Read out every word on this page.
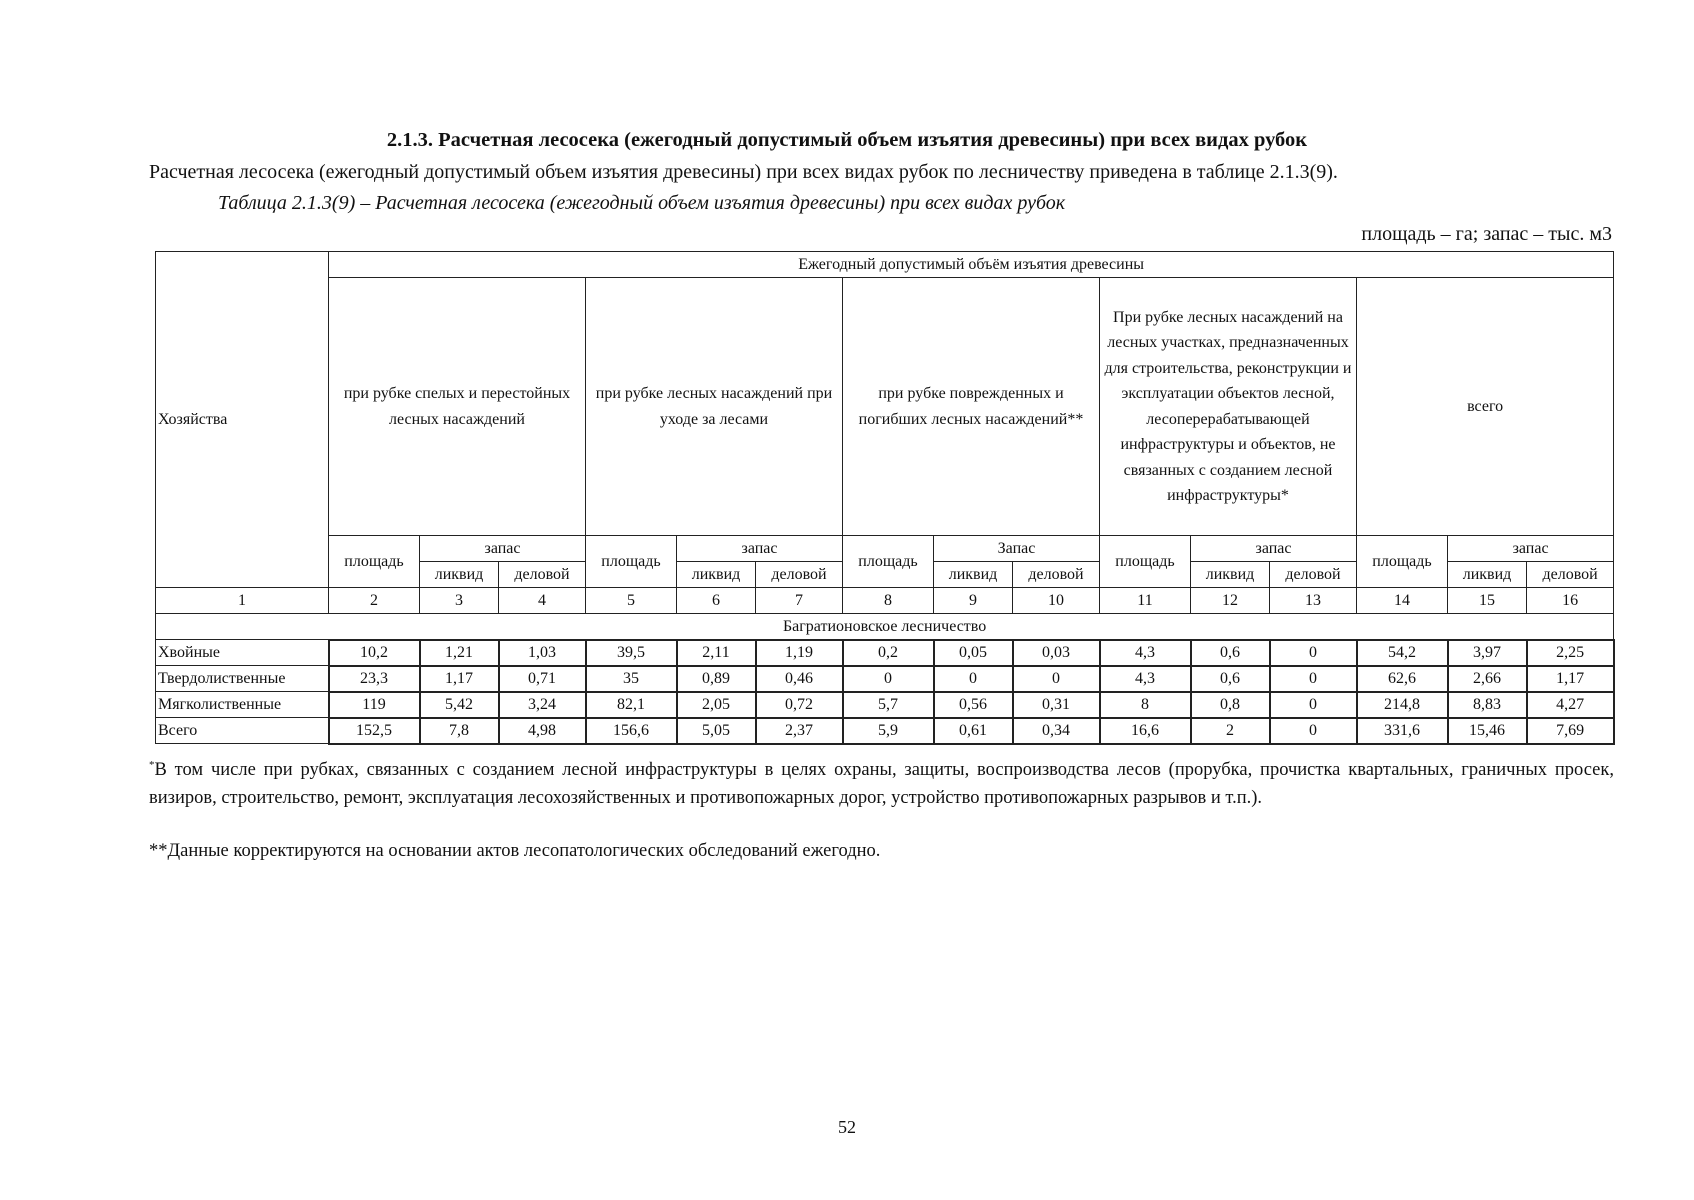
2.1.3. Расчетная лесосека (ежегодный допустимый объем изъятия древесины) при всех видах рубок
Расчетная лесосека (ежегодный допустимый объем изъятия древесины) при всех видах рубок по лесничеству приведена в таблице 2.1.3(9).
Таблица 2.1.3(9) – Расчетная лесосека (ежегодный объем изъятия древесины) при всех видах рубок
площадь – га; запас – тыс. м3
Хозяйства	Ежегодный допустимый объём изъятия древесины														
	при рубке спелых и перестойных лесных насаждений			при рубке лесных насаждений при уходе за лесами			при рубке поврежденных и погибших лесных насаждений**			При рубке лесных насаждений на лесных участках, предназначенных для строительства, реконструкции и эксплуатации объектов лесной, лесоперерабатывающей инфраструктуры и объектов, не связанных с созданием лесной инфраструктуры*			всего		
	площадь	запас		площадь	запас		площадь	Запас		площадь	запас		площадь	запас	
		ликвид	деловой		ликвид	деловой		ликвид	деловой		ликвид	деловой		ликвид	деловой
1	2	3	4	5	6	7	8	9	10	11	12	13	14	15	16
Багратионовское лесничество															
Хвойные	10,2	1,21	1,03	39,5	2,11	1,19	0,2	0,05	0,03	4,3	0,6	0	54,2	3,97	2,25
Твердолиственные	23,3	1,17	0,71	35	0,89	0,46	0	0	0	4,3	0,6	0	62,6	2,66	1,17
Мягколиственные	119	5,42	3,24	82,1	2,05	0,72	5,7	0,56	0,31	8	0,8	0	214,8	8,83	4,27
Всего	152,5	7,8	4,98	156,6	5,05	2,37	5,9	0,61	0,34	16,6	2	0	331,6	15,46	7,69
*В том числе при рубках, связанных с созданием лесной инфраструктуры в целях охраны, защиты, воспроизводства лесов (прорубка, прочистка квартальных, граничных просек, визиров, строительство, ремонт, эксплуатация лесохозяйственных и противопожарных дорог, устройство противопожарных разрывов и т.п.).
**Данные корректируются на основании актов лесопатологических обследований ежегодно.
52
